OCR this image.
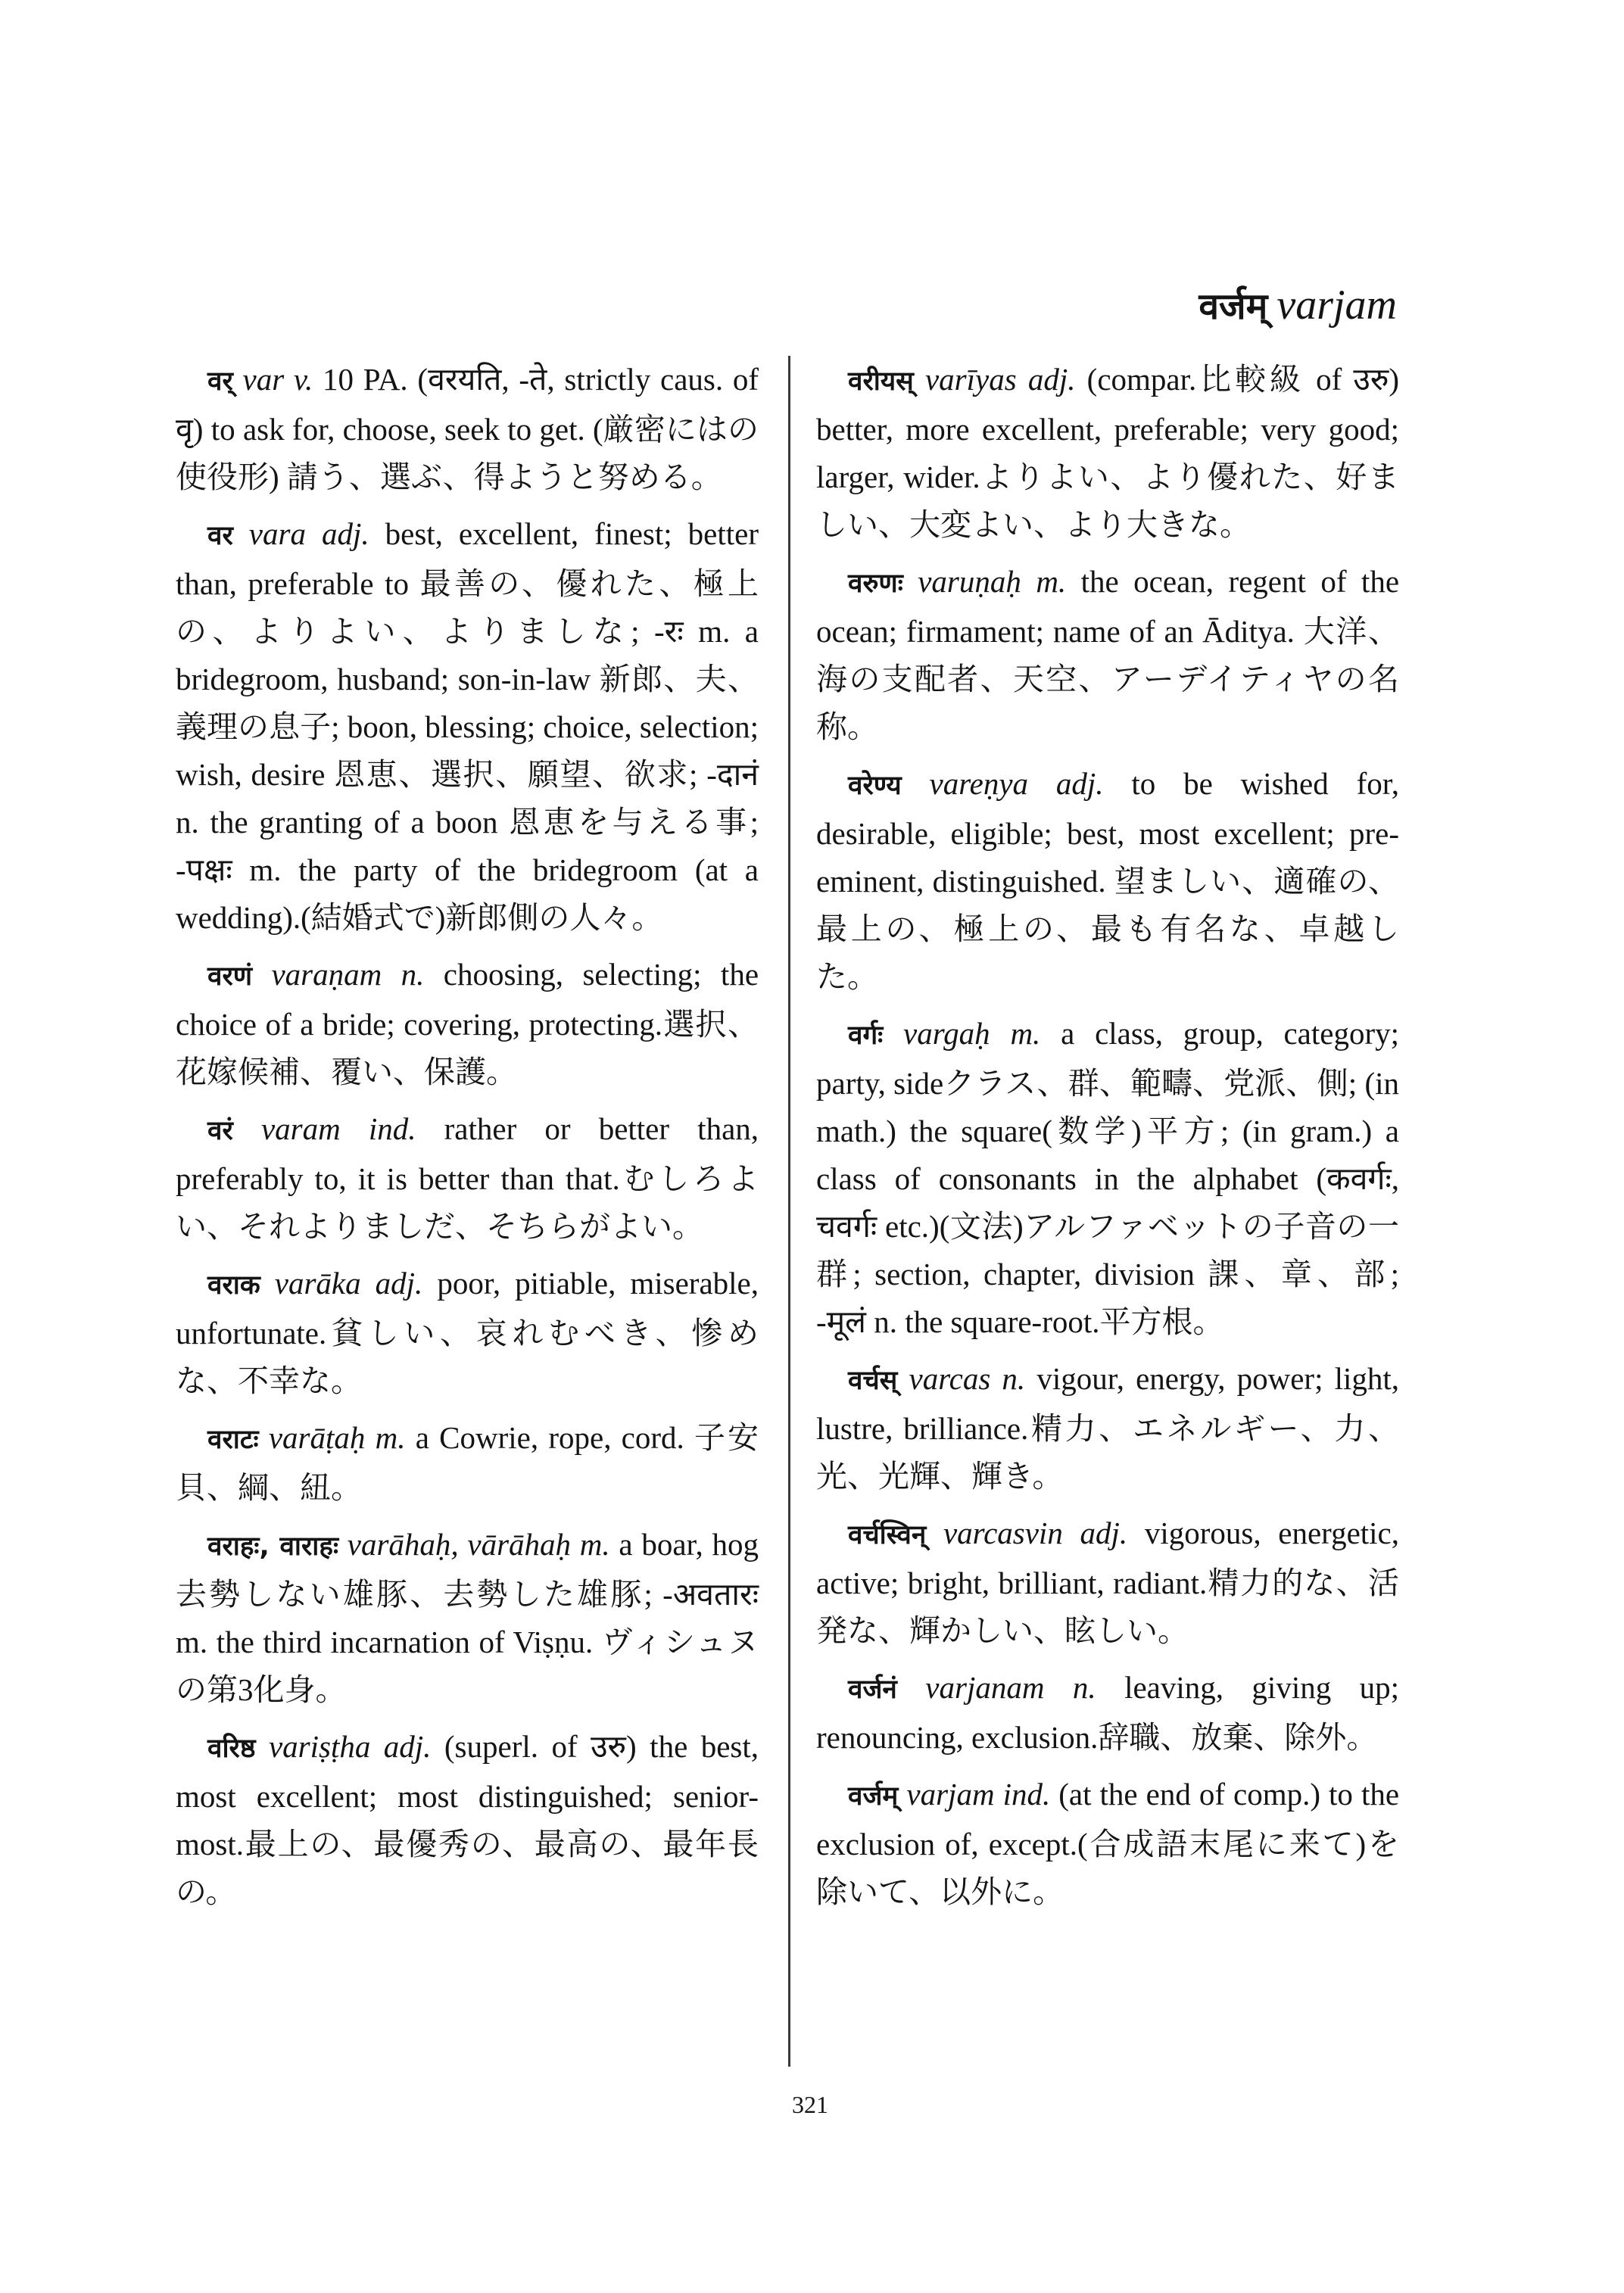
वर्जम् varjam

वर् var v. 10 PA. (वरयति, -ते, strictly caus. of वृ) to ask for, choose, seek to get. (厳密にはの使役形) 請う、選ぶ、得ようと努める。

वर vara adj. best, excellent, finest; better than, preferable to 最善の、優れた、極上の、よりよい、よりましな; -रः m. a bridegroom, husband; son-in-law 新郎、夫、義理の息子; boon, blessing; choice, selection; wish, desire 恩恵、選択、願望、欲求; -दानं n. the granting of a boon 恩恵を与える事; -पक्षः m. the party of the bridegroom (at a wedding).(結婚式で)新郎側の人々。

वरणं varaṇam n. choosing, selecting; the choice of a bride; covering, protecting.選択、花嫁候補、覆い、保護。

वरं varam ind. rather or better than, preferably to, it is better than that.むしろよい、それよりましだ、そちらがよい。

वराक varāka adj. poor, pitiable, miserable, unfortunate.貧しい、哀れむべき、惨めな、不幸な。

वराटः varāṭaḥ m. a Cowrie, rope, cord. 子安貝、綱、紐。

वराहः, वाराहः varāhaḥ, vārāhaḥ m. a boar, hog 去勢しない雄豚、去勢した雄豚; -अवतारः m. the third incarnation of Viṣṇu. ヴィシュヌの第3化身。

वरिष्ठ variṣṭha adj. (superl. of उरु) the best, most excellent; most distinguished; senior-most.最上の、最優秀の、最高の、最年長の。

वरीयस् varīyas adj. (compar.比較級 of उरु) better, more excellent, preferable; very good; larger, wider.よりよい、より優れた、好ましい、大変よい、より大きな。

वरुणः varuṇaḥ m. the ocean, regent of the ocean; firmament; name of an Āditya. 大洋、海の支配者、天空、アーデイティヤの名称。

वरेण्य vareṇya adj. to be wished for, desirable, eligible; best, most excellent; pre-eminent, distinguished. 望ましい、適確の、最上の、極上の、最も有名な、卓越した。

वर्गः vargaḥ m. a class, group, category; party, sideクラス、群、範疇、党派、側; (in math.) the square(数学)平方; (in gram.) a class of consonants in the alphabet (कवर्गः, चवर्गः etc.)(文法)アルファベットの子音の一群; section, chapter, division 課、章、部; -मूलं n. the square-root.平方根。

वर्चस् varcas n. vigour, energy, power; light, lustre, brilliance.精力、エネルギー、力、光、光輝、輝き。

वर्चस्विन् varcasvin adj. vigorous, energetic, active; bright, brilliant, radiant.精力的な、活発な、輝かしい、眩しい。

वर्जनं varjanam n. leaving, giving up; renouncing, exclusion.辞職、放棄、除外。

वर्जम् varjam ind. (at the end of comp.) to the exclusion of, except.(合成語末尾に来て)を除いて、以外に。

321
